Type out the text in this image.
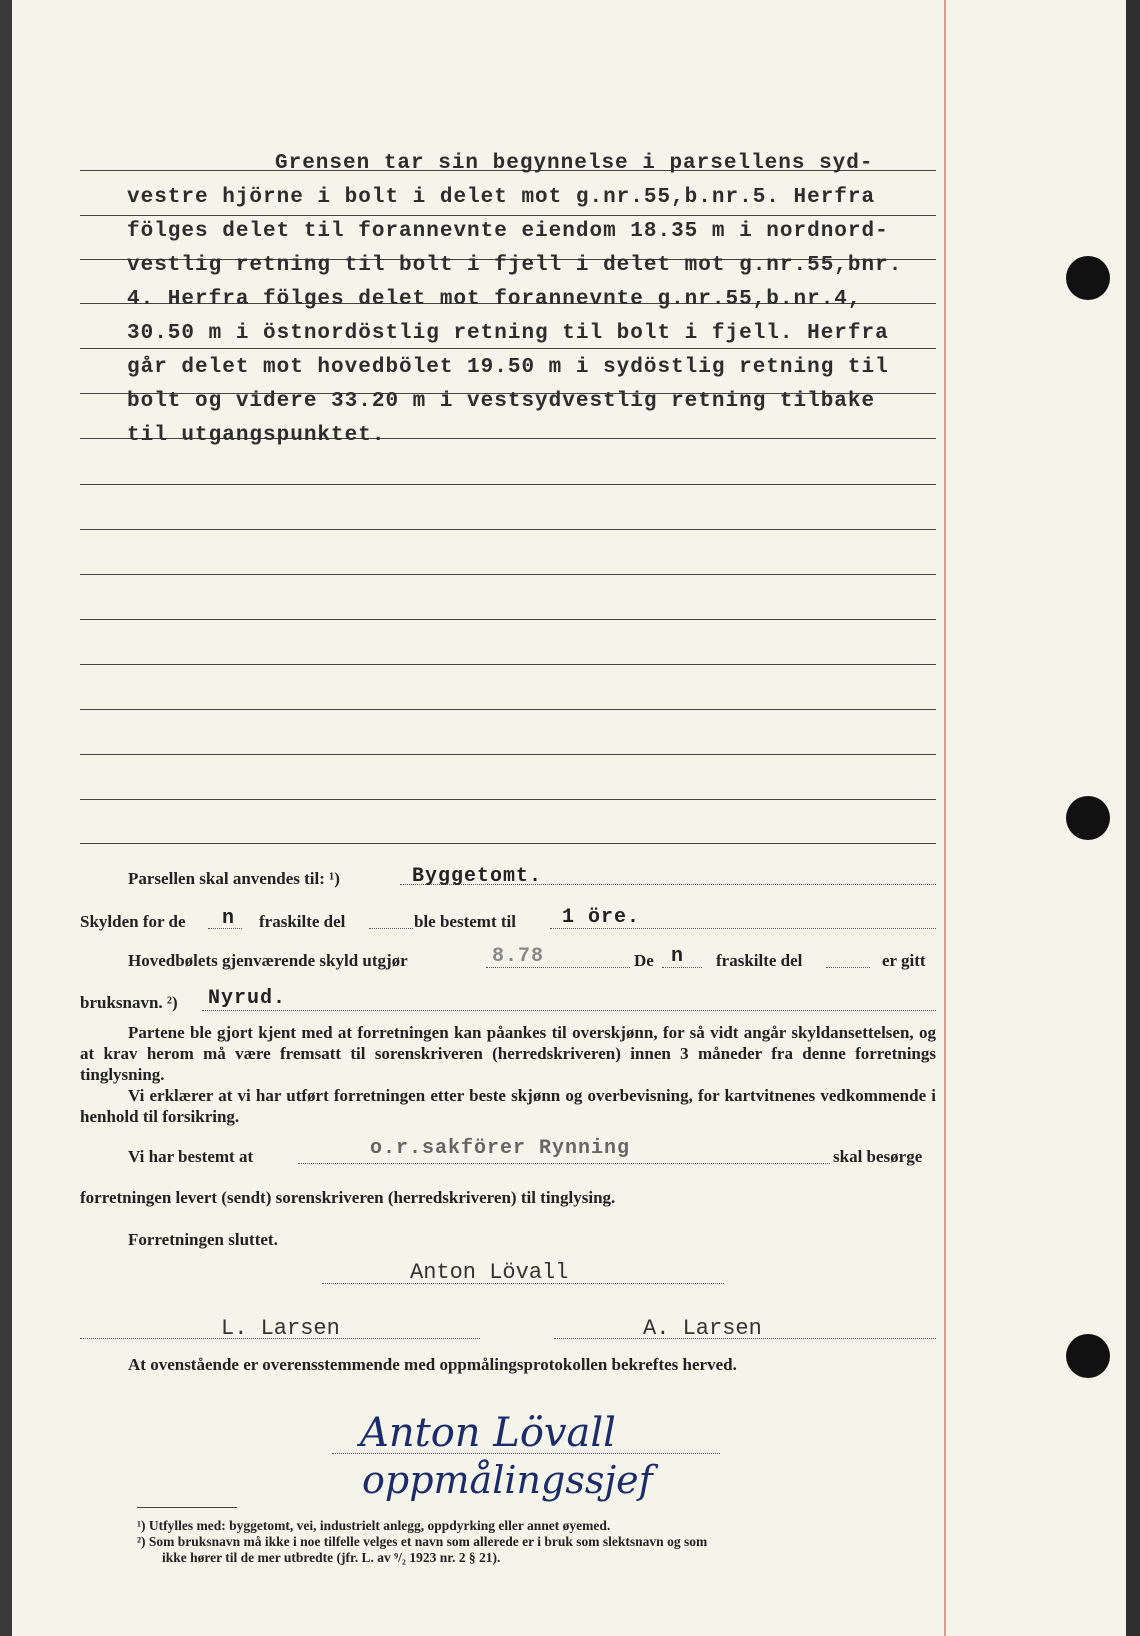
Grensen tar sin begynnelse i parsellens syd-
vestre hjörne i bolt i delet mot g.nr.55,b.nr.5. Herfra
fölges delet til forannevnte eiendom 18.35 m i nordnord-
vestlig retning til bolt i fjell i delet mot g.nr.55,bnr.
4. Herfra fölges delet mot forannevnte g.nr.55,b.nr.4,
30.50 m i östnordöstlig retning til bolt i fjell. Herfra
går delet mot hovedbölet 19.50 m i sydöstlig retning til
bolt og videre 33.20 m i vestsydvestlig retning tilbake
til utgangspunktet.
Parsellen skal anvendes til: ¹)	Byggetomt.
Skylden for de n fraskilte del	ble bestemt til 1 öre.
Hovedbølets gjenværende skyld utgjør	8.78	De n fraskilte del	er gitt
bruksnavn. ²) Nyrud.
Partene ble gjort kjent med at forretningen kan påankes til overskjønn, for så vidt angår skyldansettelsen, og at krav herom må være fremsatt til sorenskriveren (herredskriveren) innen 3 måneder fra denne forretnings tinglysning.
Vi erklærer at vi har utført forretningen etter beste skjønn og overbevisning, for kartvitnenes vedkommende i henhold til forsikring.
Vi har bestemt at	o.r.sakförer Rynning	skal besørge
forretningen levert (sendt) sorenskriveren (herredskriveren) til tinglysing.
Forretningen sluttet.
Anton Lövall
L. Larsen	A. Larsen
At ovenstående er overensstemmende med oppmålingsprotokollen bekreftes herved.
Anton Lövall
oppmålingssjef
¹) Utfylles med: byggetomt, vei, industrielt anlegg, oppdyrking eller annet øyemed.
²) Som bruksnavn må ikke i noe tilfelle velges et navn som allerede er i bruk som slektsnavn og som
ikke hører til de mer utbredte (jfr. L. av ⁹/₂ 1923 nr. 2 § 21).
